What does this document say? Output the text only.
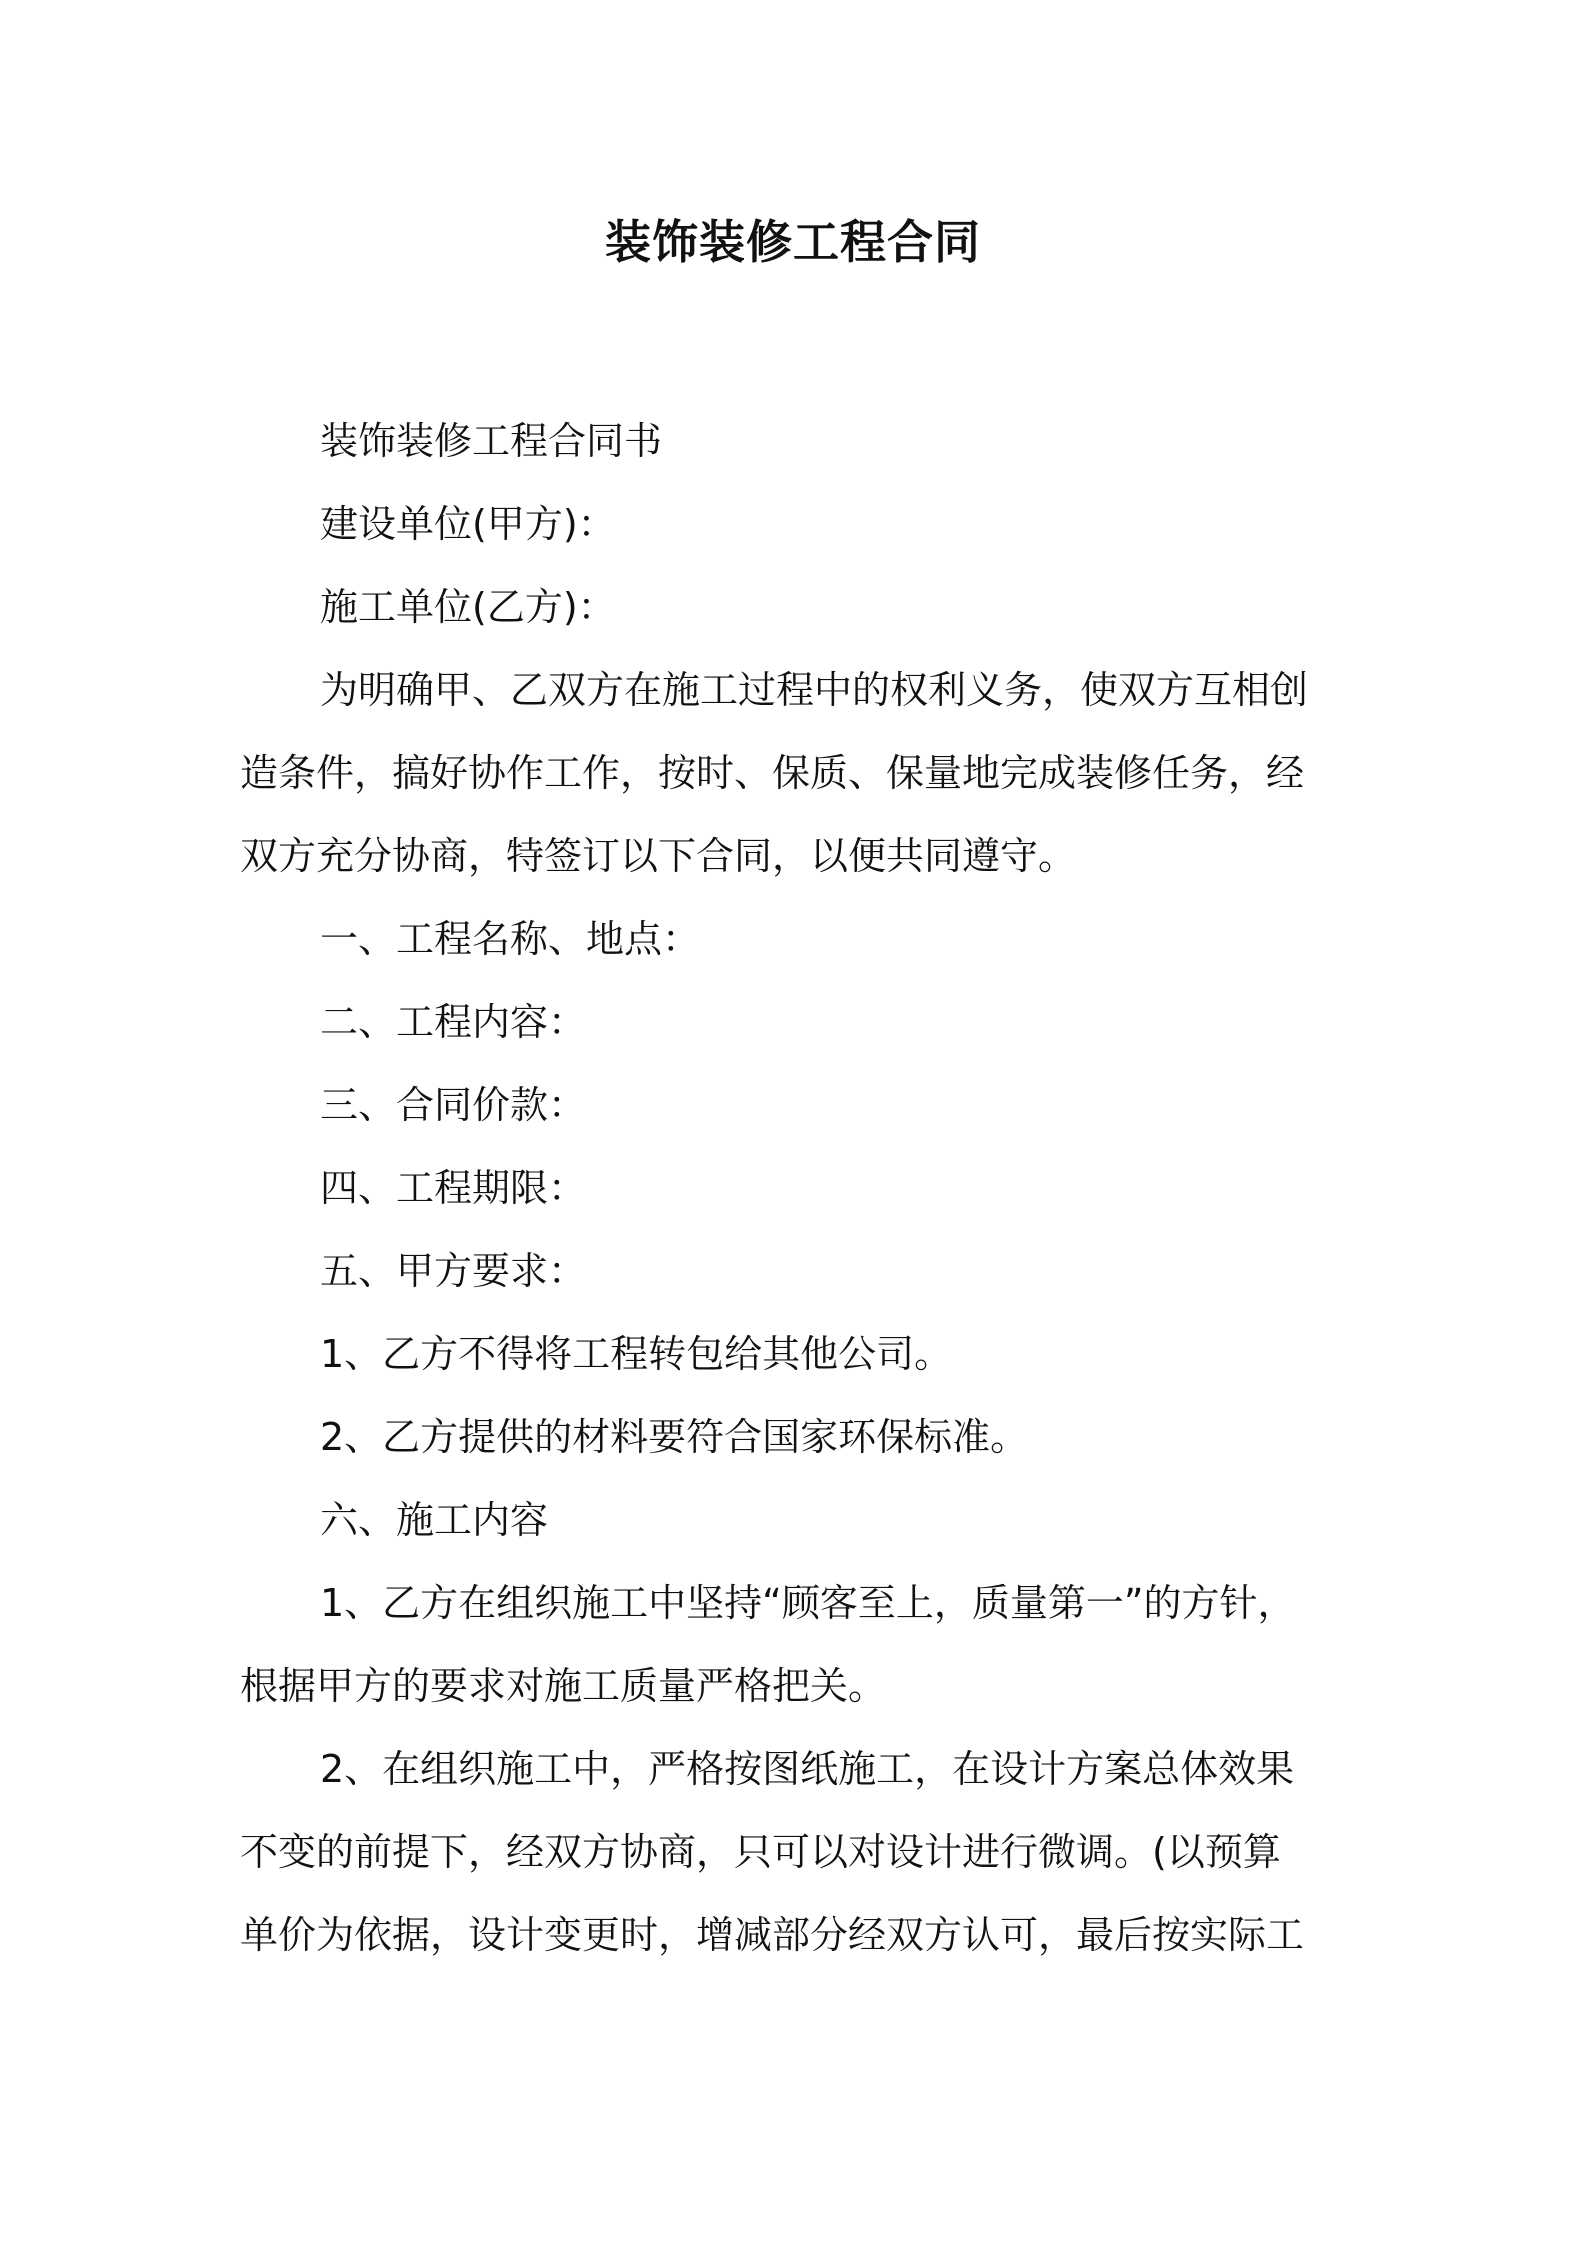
装饰装修工程合同
装饰装修工程合同书
建设单位(甲方)：
施工单位(乙方)：
为明确甲、乙双方在施工过程中的权利义务，使双方互相创
造条件，搞好协作工作，按时、保质、保量地完成装修任务，经
双方充分协商，特签订以下合同，以便共同遵守。
一、工程名称、地点：
二、工程内容：
三、合同价款：
四、工程期限：
五、甲方要求：
1、乙方不得将工程转包给其他公司。
2、乙方提供的材料要符合国家环保标准。
六、施工内容
1、乙方在组织施工中坚持“顾客至上，质量第一”的方针，
根据甲方的要求对施工质量严格把关。
2、在组织施工中，严格按图纸施工，在设计方案总体效果
不变的前提下，经双方协商，只可以对设计进行微调。(以预算
单价为依据，设计变更时，增减部分经双方认可，最后按实际工
